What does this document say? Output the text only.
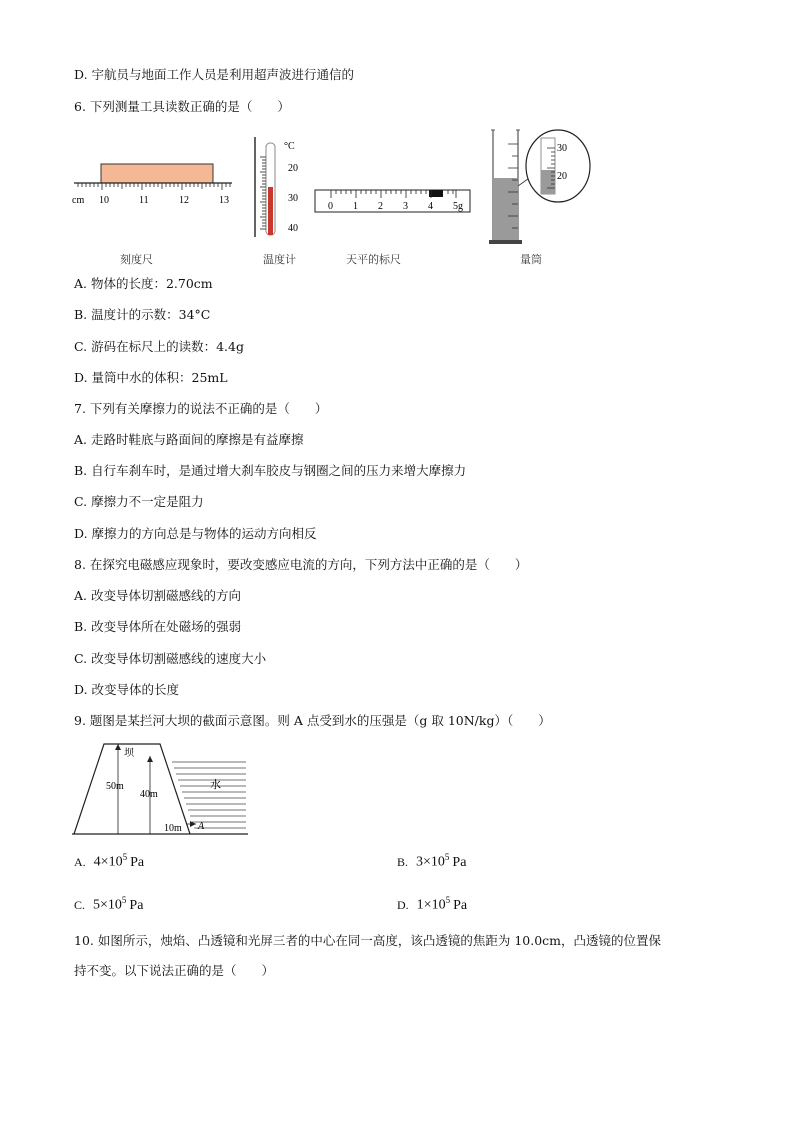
D. 宇航员与地面工作人员是利用超声波进行通信的
6. 下列测量工具读数正确的是（　　）
cm 10	11	12	13
刻度尺
°C
20
30
40
温度计
0 1 2 3 4 5g
天平的标尺
30
20
量筒
A. 物体的长度：2.70cm
B. 温度计的示数：34°C
C. 游码在标尺上的读数：4.4g
D. 量筒中水的体积：25mL
7. 下列有关摩擦力的说法不正确的是（　　）
A. 走路时鞋底与路面间的摩擦是有益摩擦
B. 自行车刹车时，是通过增大刹车胶皮与钢圈之间的压力来增大摩擦力
C. 摩擦力不一定是阻力
D. 摩擦力的方向总是与物体的运动方向相反
8. 在探究电磁感应现象时，要改变感应电流的方向，下列方法中正确的是（　　）
A. 改变导体切割磁感线的方向
B. 改变导体所在处磁场的强弱
C. 改变导体切割磁感线的速度大小
D. 改变导体的长度
9. 题图是某拦河大坝的截面示意图。则 A 点受到水的压强是（g 取 10N/kg）（　　）
坝
水
50m
40m
10m A
A. $4\times 10^5$ Pa	B. $3\times 10^5$ Pa
C. $5\times 10^5$ Pa	D. $1\times 10^5$ Pa
10. 如图所示，烛焰、凸透镜和光屏三者的中心在同一高度，该凸透镜的焦距为 10.0cm，凸透镜的位置保
持不变。以下说法正确的是（　　）
